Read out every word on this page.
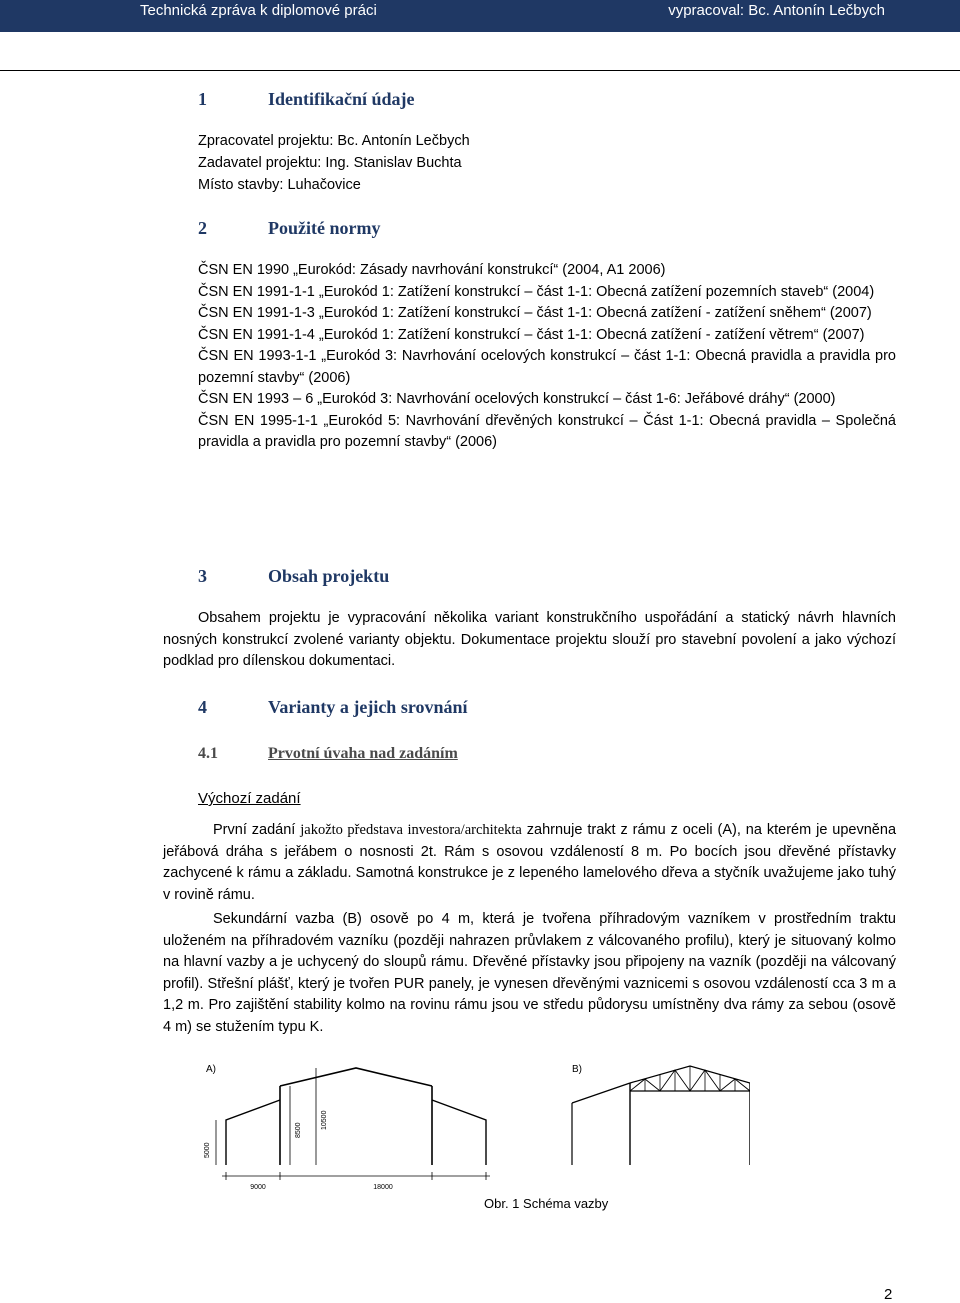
Technická zpráva k diplomové práci	vypracoval: Bc. Antonín Lečbych
1	Identifikační údaje
Zpracovatel projektu: Bc. Antonín Lečbych
Zadavatel projektu: Ing. Stanislav Buchta
Místo stavby: Luhačovice
2	Použité normy

ČSN EN 1990 „Eurokód: Zásady navrhování konstrukcí“ (2004, A1 2006)

ČSN EN 1991-1-1 „Eurokód 1: Zatížení konstrukcí – část 1-1: Obecná zatížení pozemních staveb“ (2004)

ČSN EN 1991-1-3 „Eurokód 1: Zatížení konstrukcí – část 1-1: Obecná zatížení - zatížení sněhem“ (2007)

ČSN EN 1991-1-4 „Eurokód 1: Zatížení konstrukcí – část 1-1: Obecná zatížení - zatížení větrem“ (2007)

ČSN EN 1993-1-1 „Eurokód 3: Navrhování ocelových konstrukcí – část 1-1: Obecná pravidla a pravidla pro pozemní stavby“ (2006)

ČSN EN 1993 – 6 „Eurokód 3: Navrhování ocelových konstrukcí – část 1-6: Jeřábové dráhy“ (2000)

ČSN EN 1995-1-1 „Eurokód 5: Navrhování dřevěných konstrukcí – Část 1-1: Obecná pravidla – Společná pravidla a pravidla pro pozemní stavby“ (2006)

3	Obsah projektu

Obsahem projektu je vypracování několika variant konstrukčního uspořádání a statický návrh hlavních nosných konstrukcí zvolené varianty objektu. Dokumentace projektu slouží pro stavební povolení a jako výchozí podklad pro dílenskou dokumentaci.

4	Varianty a jejich srovnání
4.1	Prvotní úvaha nad zadáním
Výchozí zadání

První zadání jakožto představa investora/architekta zahrnuje trakt z rámu z oceli (A), na kterém je upevněna jeřábová dráha s jeřábem o nosnosti 2t. Rám s osovou vzdáleností 8 m. Po bocích jsou dřevěné přístavky zachycené k rámu a základu. Samotná konstrukce je z lepeného lamelového dřeva a styčník uvažujeme jako tuhý v rovině rámu.

Sekundární vazba (B) osově po 4 m, která je tvořena příhradovým vazníkem v prostředním traktu uloženém na příhradovém vazníku (později nahrazen průvlakem z válcovaného profilu), který je situovaný kolmo na hlavní vazby a je uchycený do sloupů rámu. Dřevěné přístavky jsou připojeny na vazník (později na válcovaný profil). Střešní plášť, který je tvořen PUR panely, je vynesen dřevěnými vaznicemi s osovou vzdáleností cca 3 m a 1,2 m. Pro zajištění stability kolmo na rovinu rámu jsou ve středu půdorysu umístněny dva rámy za sebou (osově 4 m) se stužením typu K.

A)
9000	18000
5000
8500
10500
B)
Obr. 1 Schéma vazby
2
